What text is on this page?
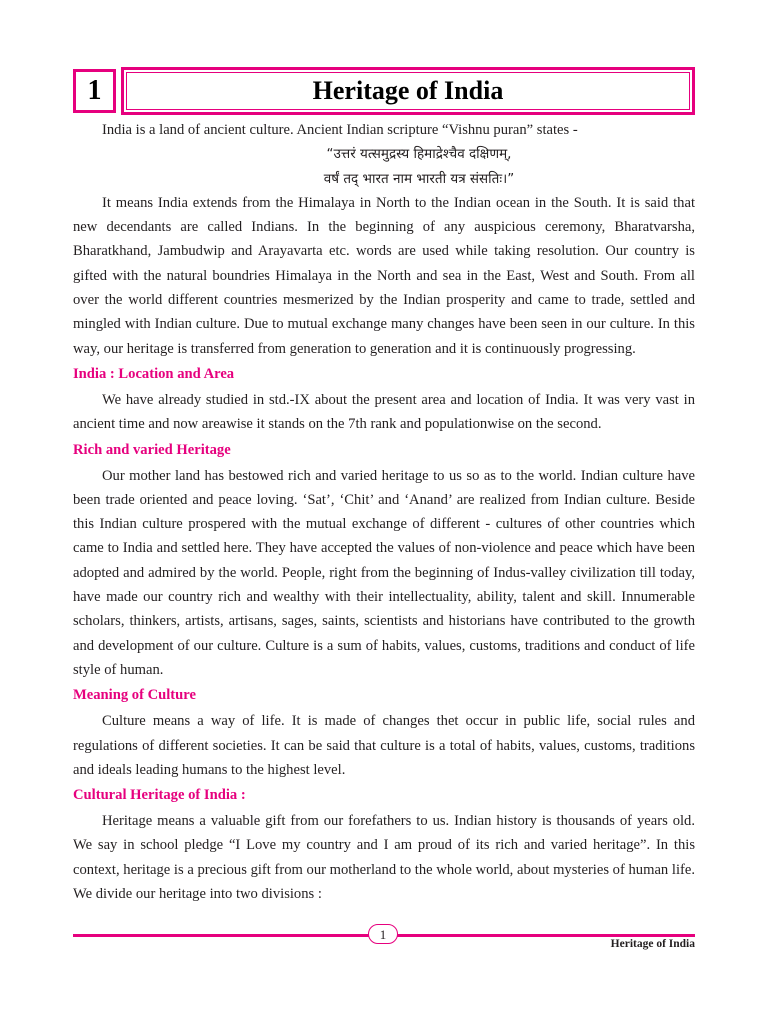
1	Heritage of India

India is a land of ancient culture. Ancient Indian scripture “Vishnu puran” states -

“उत्तरं यत्समुद्रस्य हिमाद्रेश्चैव दक्षिणम्,
वर्षं तद् भारत नाम भारती यत्र संसतिः।”

It means India extends from the Himalaya in North to the Indian ocean in the South. It is said that new decendants are called Indians. In the beginning of any auspicious ceremony, Bharatvarsha, Bharatkhand, Jambudwip and Arayavarta etc. words are used while taking resolution. Our country is gifted with the natural boundries Himalaya in the North and sea in the East, West and South. From all over the world different countries mesmerized by the Indian prosperity and came to trade, settled and mingled with Indian culture. Due to mutual exchange many changes have been seen in our culture. In this way, our heritage is transferred from generation to generation and it is continuously progressing.

India : Location and Area

We have already studied in std.-IX about the present area and location of India. It was very vast in ancient time and now areawise it stands on the 7th rank and populationwise on the second.

Rich and varied Heritage

Our mother land has bestowed rich and varied heritage to us so as to the world. Indian culture have been trade oriented and peace loving. ‘Sat’, ‘Chit’ and ‘Anand’ are realized from Indian culture. Beside this Indian culture prospered with the mutual exchange of different - cultures of other countries which came to India and settled here. They have accepted the values of non-violence and peace which have been adopted and admired by the world. People, right from the beginning of Indus-valley civilization till today, have made our country rich and wealthy with their intellectuality, ability, talent and skill. Innumerable scholars, thinkers, artists, artisans, sages, saints, scientists and historians have contributed to the growth and development of our culture. Culture is a sum of habits, values, customs, traditions and conduct of life style of human.

Meaning of Culture

Culture means a way of life. It is made of changes thet occur in public life, social rules and regulations of different societies. It can be said that culture is a total of habits, values, customs, traditions and ideals leading humans to the highest level.

Cultural Heritage of India :

Heritage means a valuable gift from our forefathers to us. Indian history is thousands of years old. We say in school pledge “I Love my country and I am proud of its rich and varied heritage”. In this context, heritage is a precious gift from our motherland to the whole world, about mysteries of human life. We divide our heritage into two divisions :

1
Heritage of India
